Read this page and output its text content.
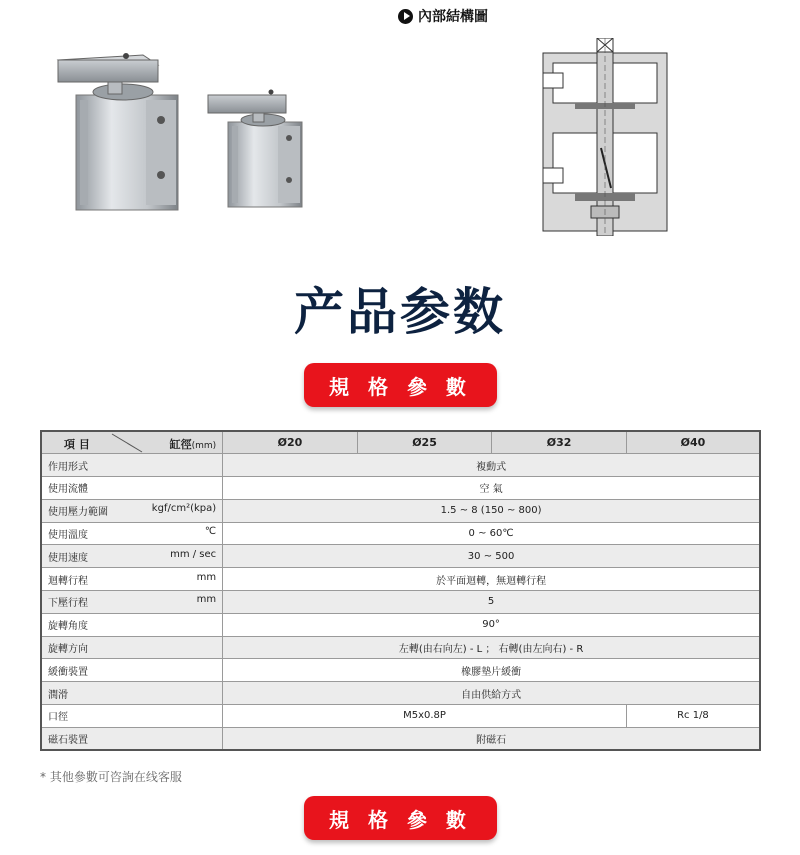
內部結構圖
产品参数
規 格 參 數
項 目 缸徑(mm)	Ø20	Ø25	Ø32	Ø40
作用形式	複動式			
使用流體	空 氣			
使用壓力範圍 kgf/cm²(kpa)	1.5 ~ 8 (150 ~ 800)			
使用溫度 ℃	0 ~ 60℃			
使用速度 mm / sec	30 ~ 500			
迴轉行程 mm	於平面迴轉，無迴轉行程			
下壓行程 mm	5			
旋轉角度	90°			
旋轉方向	左轉(由右向左) - L ； 右轉(由左向右) - R			
緩衝裝置	橡膠墊片緩衝			
潤滑	自由供給方式			
口徑	M5x0.8P			Rc 1/8
磁石裝置	附磁石			
* 其他參數可咨詢在线客服
規 格 參 數
